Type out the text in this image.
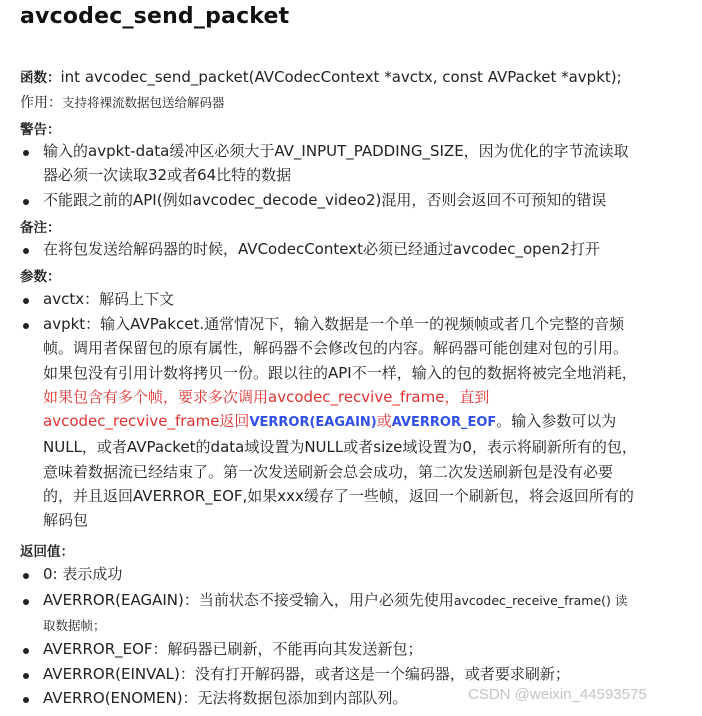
avcodec_send_packet

函数：int avcodec_send_packet(AVCodecContext *avctx, const AVPacket *avpkt);

作用：支持将裸流数据包送给解码器

警告：

输入的avpkt-data缓冲区必须大于AV_INPUT_PADDING_SIZE，因为优化的字节流读取
器必须一次读取32或者64比特的数据

不能跟之前的API(例如avcodec_decode_video2)混用，否则会返回不可预知的错误

备注：

在将包发送给解码器的时候，AVCodecContext必须已经通过avcodec_open2打开

参数：

avctx：解码上下文

avpkt：输入AVPakcet.通常情况下，输入数据是一个单一的视频帧或者几个完整的音频
帧。调用者保留包的原有属性，解码器不会修改包的内容。解码器可能创建对包的引用。
如果包没有引用计数将拷贝一份。跟以往的API不一样，输入的包的数据将被完全地消耗，
如果包含有多个帧，要求多次调用avcodec_recvive_frame，直到
avcodec_recvive_frame返回VERROR(EAGAIN)或AVERROR_EOF。输入参数可以为
NULL，或者AVPacket的data域设置为NULL或者size域设置为0，表示将刷新所有的包，
意味着数据流已经结束了。第一次发送刷新会总会成功，第二次发送刷新包是没有必要
的，并且返回AVERROR_EOF,如果xxx缓存了一些帧，返回一个刷新包，将会返回所有的
解码包

返回值：

0: 表示成功

AVERROR(EAGAIN)：当前状态不接受输入，用户必须先使用avcodec_receive_frame() 读
取数据帧；

AVERROR_EOF：解码器已刷新，不能再向其发送新包；

AVERROR(EINVAL)：没有打开解码器，或者这是一个编码器，或者要求刷新；

AVERRO(ENOMEN)：无法将数据包添加到内部队列。	CSDN @weixin_44593575
